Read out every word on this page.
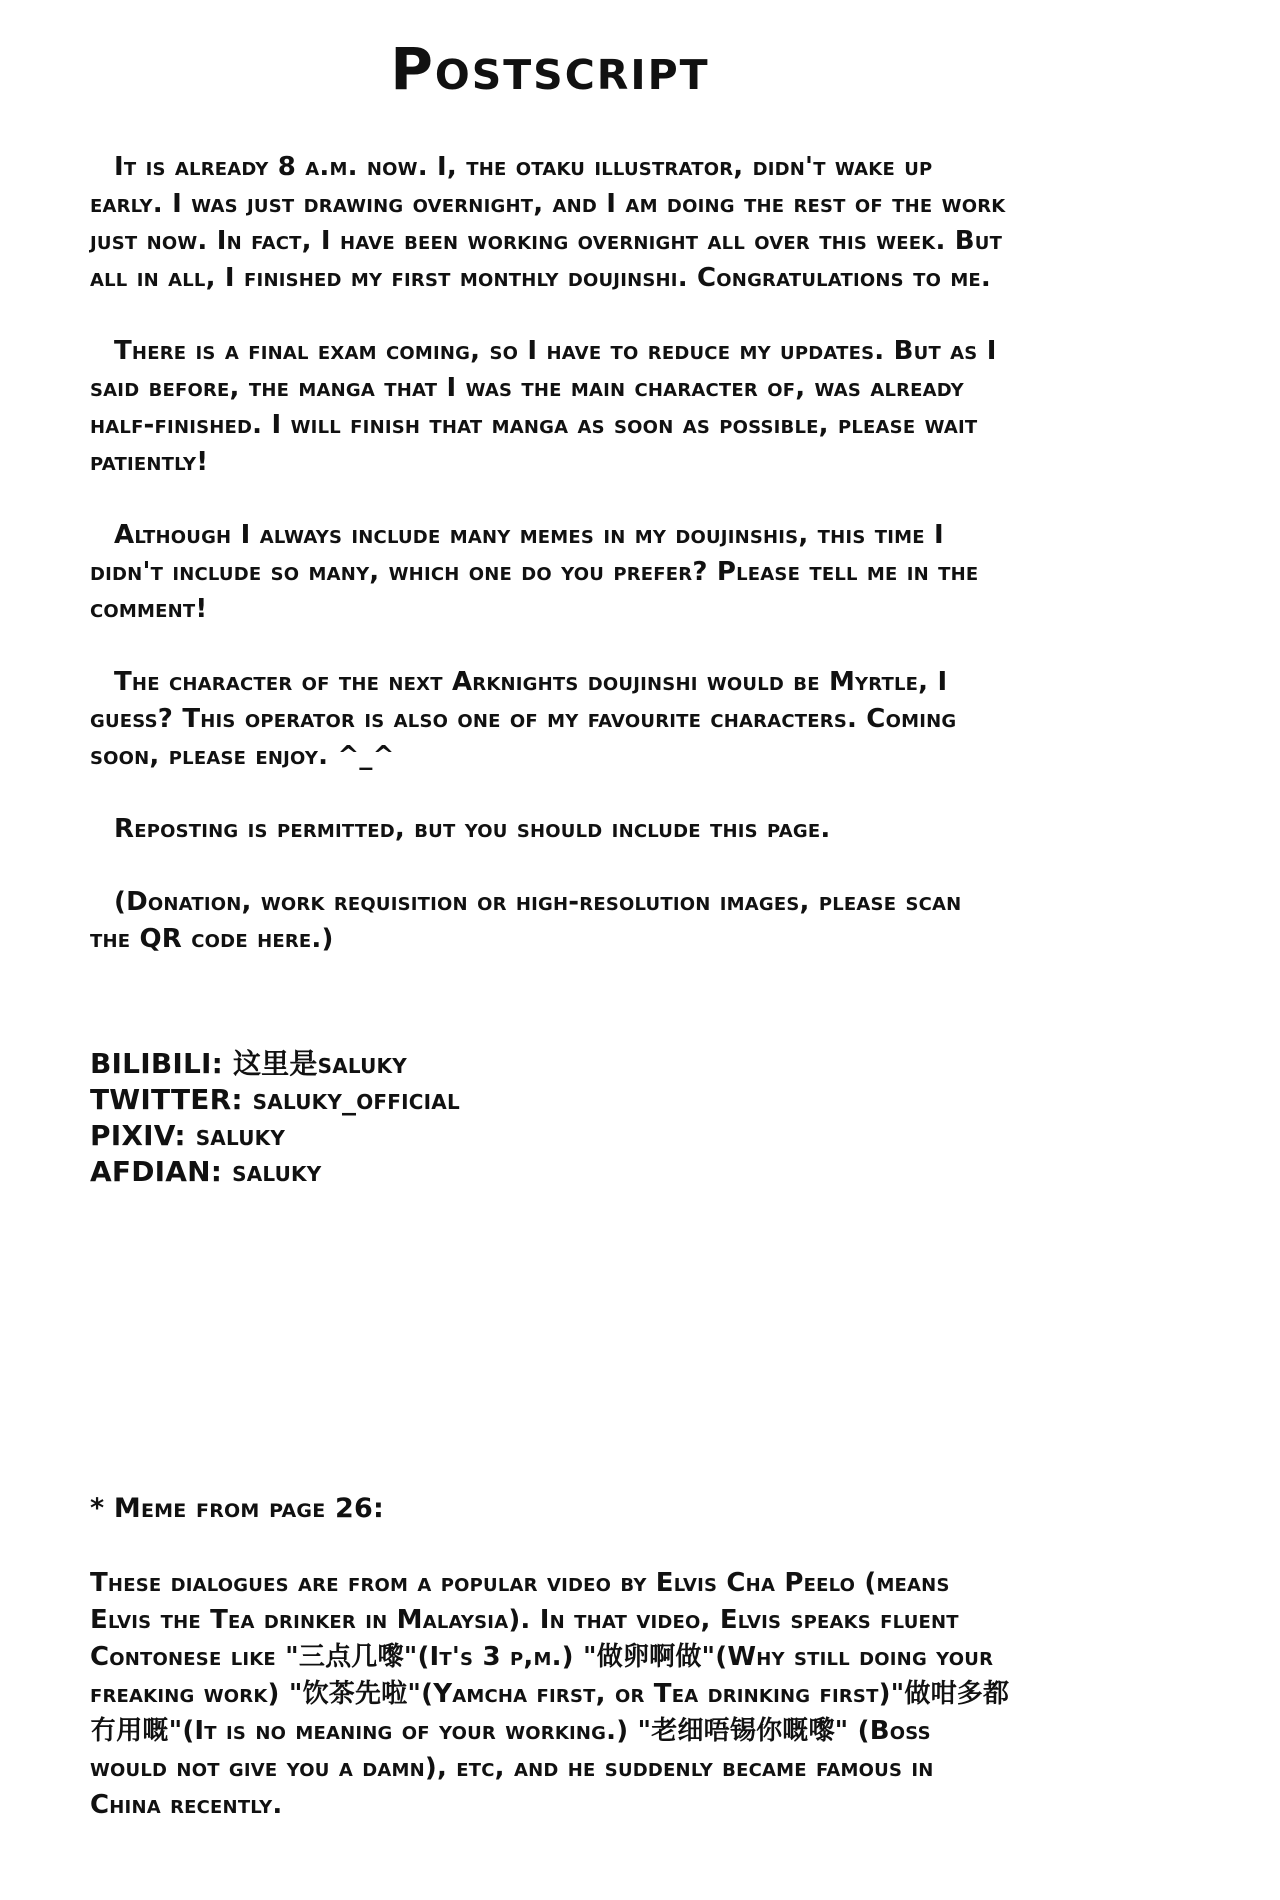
Postscript

It is already 8 a.m. now. I, the otaku illustrator, didn't wake up early. I was just drawing overnight, and I am doing the rest of the work just now. In fact, I have been working overnight all over this week. But all in all, I finished my first monthly doujinshi. Congratulations to me.

There is a final exam coming, so I have to reduce my updates. But as I said before, the manga that I was the main character of, was already half-finished. I will finish that manga as soon as possible, please wait patiently!

Although I always include many memes in my doujinshis, this time I didn't include so many, which one do you prefer? Please tell me in the comment!

The character of the next Arknights doujinshi would be Myrtle, I guess? This operator is also one of my favourite characters. Coming soon, please enjoy. ^_^

Reposting is permitted, but you should include this page.

(Donation, work requisition or high-resolution images, please scan the QR code here.)

BILIBILI: 这里是saluky
TWITTER: saluky_official
PIXIV: saluky
AFDIAN: saluky
* Meme from page 26:

These dialogues are from a popular video by Elvis Cha Peelo (means Elvis the Tea drinker in Malaysia). In that video, Elvis speaks fluent Contonese like "三点几嚟"(It's 3 p,m.) "做卵啊做"(Why still doing your freaking work) "饮茶先啦"(Yamcha first, or Tea drinking first)"做咁多都冇用嘅"(It is no meaning of your working.) "老细唔锡你嘅嚟" (Boss would not give you a damn), etc, and he suddenly became famous in China recently.
